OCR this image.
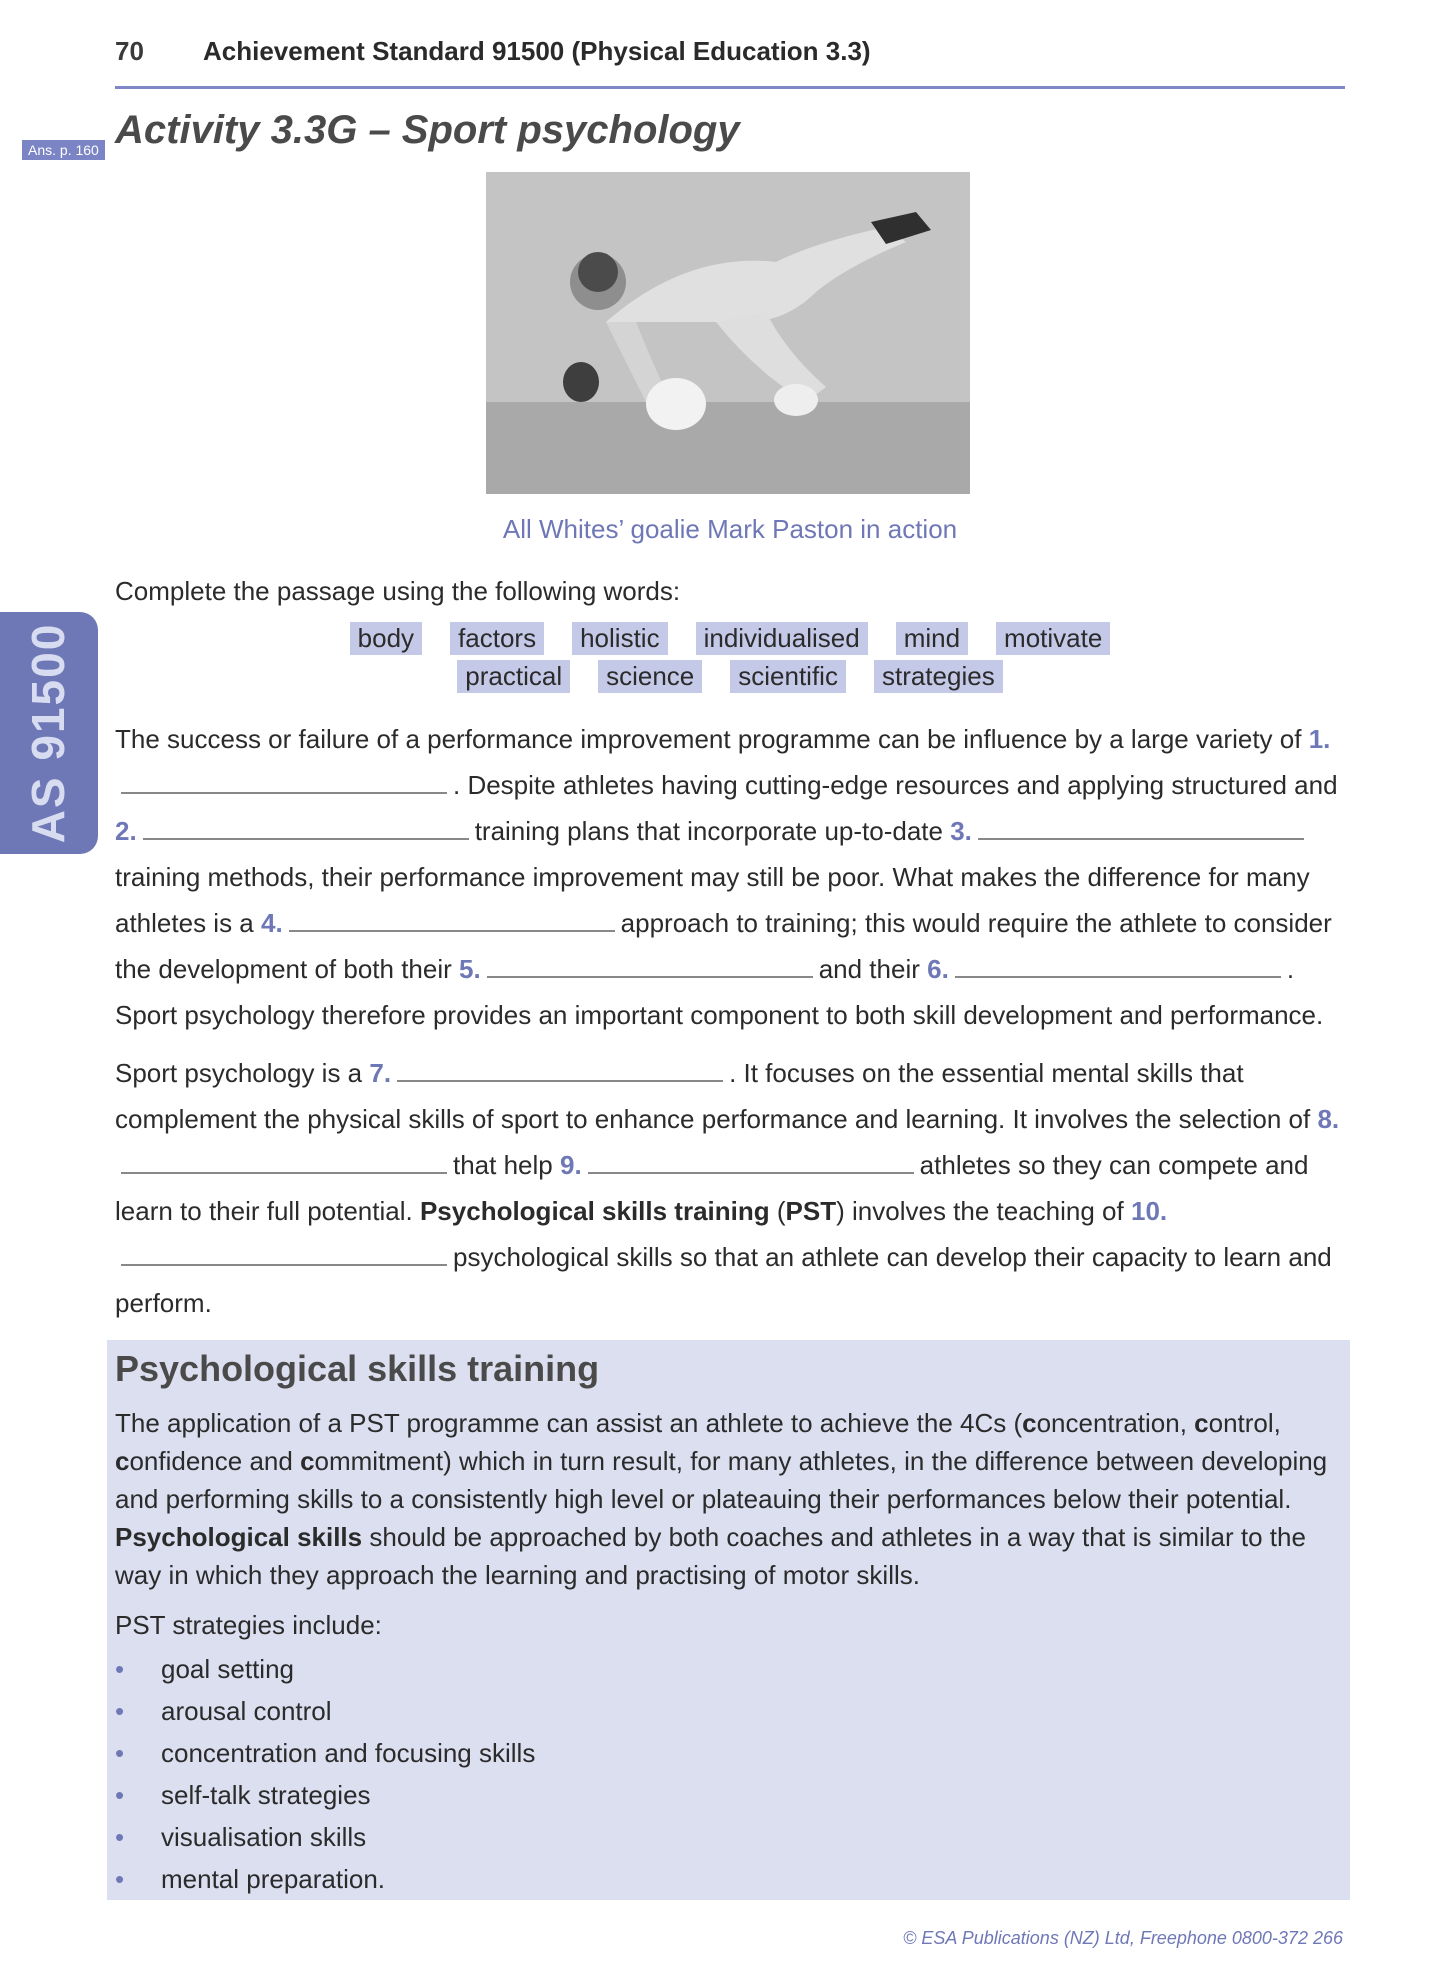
70 Achievement Standard 91500 (Physical Education 3.3)
Ans. p. 160 Activity 3.3G – Sport psychology
AS 91500
All Whites’ goalie Mark Paston in action
Complete the passage using the following words:
body factors holistic individualised mind motivate
practical science scientific strategies

The success or failure of a performance improvement programme can be influence by a large variety of 1.. Despite athletes having cutting-edge resources and applying structured and 2.	training plans that incorporate up-to-date 3.training methods, their performance improvement may still be poor. What makes the difference for many athletes is a 4.	approach to training; this would require the athlete to consider the development of both their 5.	and their 6.	. Sport psychology therefore provides an important component to both skill development and performance.

Sport psychology is a 7.	. It focuses on the essential mental skills that complement the physical skills of sport to enhance performance and learning. It involves the selection of 8.that help 9.	athletes so they can compete and learn to their full potential. Psychological skills training (PST) involves the teaching of 10.psychological skills so that an athlete can develop their capacity to learn and perform.

Psychological skills training

The application of a PST programme can assist an athlete to achieve the 4Cs (concentration, control, confidence and commitment) which in turn result, for many athletes, in the difference between developing and performing skills to a consistently high level or plateauing their performances below their potential. Psychological skills should be approached by both coaches and athletes in a way that is similar to the way in which they approach the learning and practising of motor skills.

PST strategies include:

• goal setting
• arousal control
• concentration and focusing skills
• self-talk strategies
• visualisation skills
• mental preparation.
© ESA Publications (NZ) Ltd, Freephone 0800-372 266
